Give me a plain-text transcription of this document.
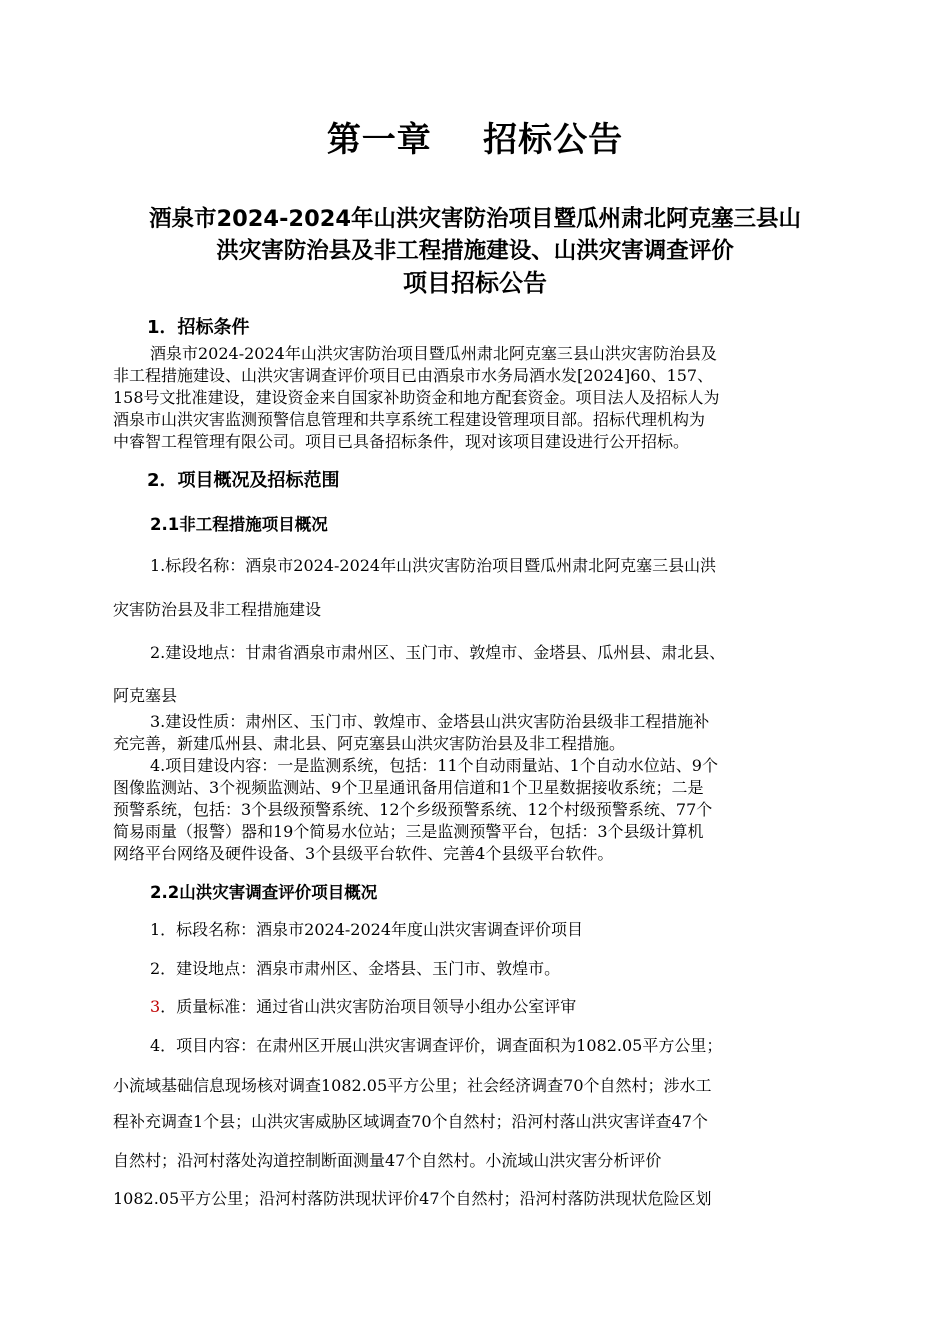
第一章    招标公告
酒泉市2024-2024年山洪灾害防治项目暨瓜州肃北阿克塞三县山
洪灾害防治县及非工程措施建设、山洪灾害调查评价
项目招标公告
1．招标条件
酒泉市2024-2024年山洪灾害防治项目暨瓜州肃北阿克塞三县山洪灾害防治县及
非工程措施建设、山洪灾害调查评价项目已由酒泉市水务局酒水发[2024]60、157、
158号文批准建设，建设资金来自国家补助资金和地方配套资金。项目法人及招标人为
酒泉市山洪灾害监测预警信息管理和共享系统工程建设管理项目部。招标代理机构为
中睿智工程管理有限公司。项目已具备招标条件，现对该项目建设进行公开招标。
2．项目概况及招标范围
2.1非工程措施项目概况
1.标段名称：酒泉市2024-2024年山洪灾害防治项目暨瓜州肃北阿克塞三县山洪
灾害防治县及非工程措施建设
2.建设地点：甘肃省酒泉市肃州区、玉门市、敦煌市、金塔县、瓜州县、肃北县、
阿克塞县
3.建设性质：肃州区、玉门市、敦煌市、金塔县山洪灾害防治县级非工程措施补
充完善，新建瓜州县、肃北县、阿克塞县山洪灾害防治县及非工程措施。
4.项目建设内容：一是监测系统，包括：11个自动雨量站、1个自动水位站、9个
图像监测站、3个视频监测站、9个卫星通讯备用信道和1个卫星数据接收系统；二是
预警系统，包括：3个县级预警系统、12个乡级预警系统、12个村级预警系统、77个
简易雨量（报警）器和19个简易水位站；三是监测预警平台，包括：3个县级计算机
网络平台网络及硬件设备、3个县级平台软件、完善4个县级平台软件。
2.2山洪灾害调查评价项目概况
1．标段名称：酒泉市2024-2024年度山洪灾害调查评价项目
2．建设地点：酒泉市肃州区、金塔县、玉门市、敦煌市。
3．质量标准：通过省山洪灾害防治项目领导小组办公室评审
4．项目内容：在肃州区开展山洪灾害调查评价，调查面积为1082.05平方公里；
小流域基础信息现场核对调查1082.05平方公里；社会经济调查70个自然村；涉水工
程补充调查1个县；山洪灾害威胁区域调查70个自然村；沿河村落山洪灾害详查47个
自然村；沿河村落处沟道控制断面测量47个自然村。小流域山洪灾害分析评价
1082.05平方公里；沿河村落防洪现状评价47个自然村；沿河村落防洪现状危险区划
